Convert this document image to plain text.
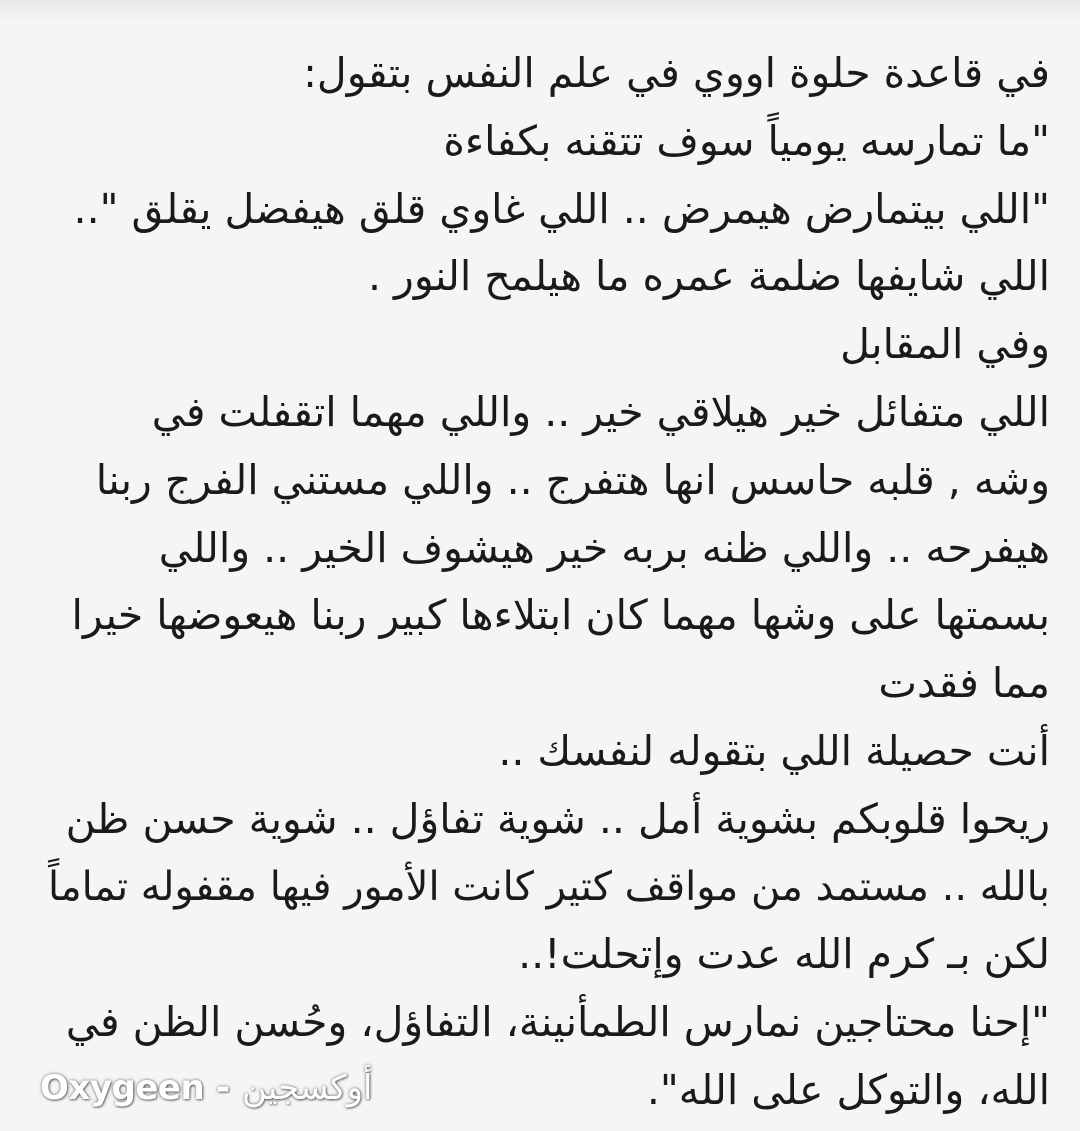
في قاعدة حلوة اووي في علم النفس بتقول:
"ما تمارسه يومياً سوف تتقنه بكفاءة
"اللي بيتمارض هيمرض .. اللي غاوي قلق هيفضل يقلق "..
اللي شايفها ضلمة عمره ما هيلمح النور .
وفي المقابل
اللي متفائل خير هيلاقي خير .. واللي مهما اتقفلت في
وشه , قلبه حاسس انها هتفرج .. واللي مستني الفرج ربنا
هيفرحه .. واللي ظنه بربه خير هيشوف الخير .. واللي
بسمتها على وشها مهما كان ابتلاءها كبير ربنا هيعوضها خيرا
مما فقدت
أنت حصيلة اللي بتقوله لنفسك ..
ريحوا قلوبكم بشوية أمل .. شوية تفاؤل .. شوية حسن ظن
بالله .. مستمد من مواقف كتير كانت الأمور فيها مقفوله تماماً
لكن بـ كرم الله عدت وإتحلت!..
"إحنا محتاجين نمارس الطمأنينة، التفاؤل، وحُسن الظن في
الله، والتوكل على الله".
Oxygeen - أوكسجين
